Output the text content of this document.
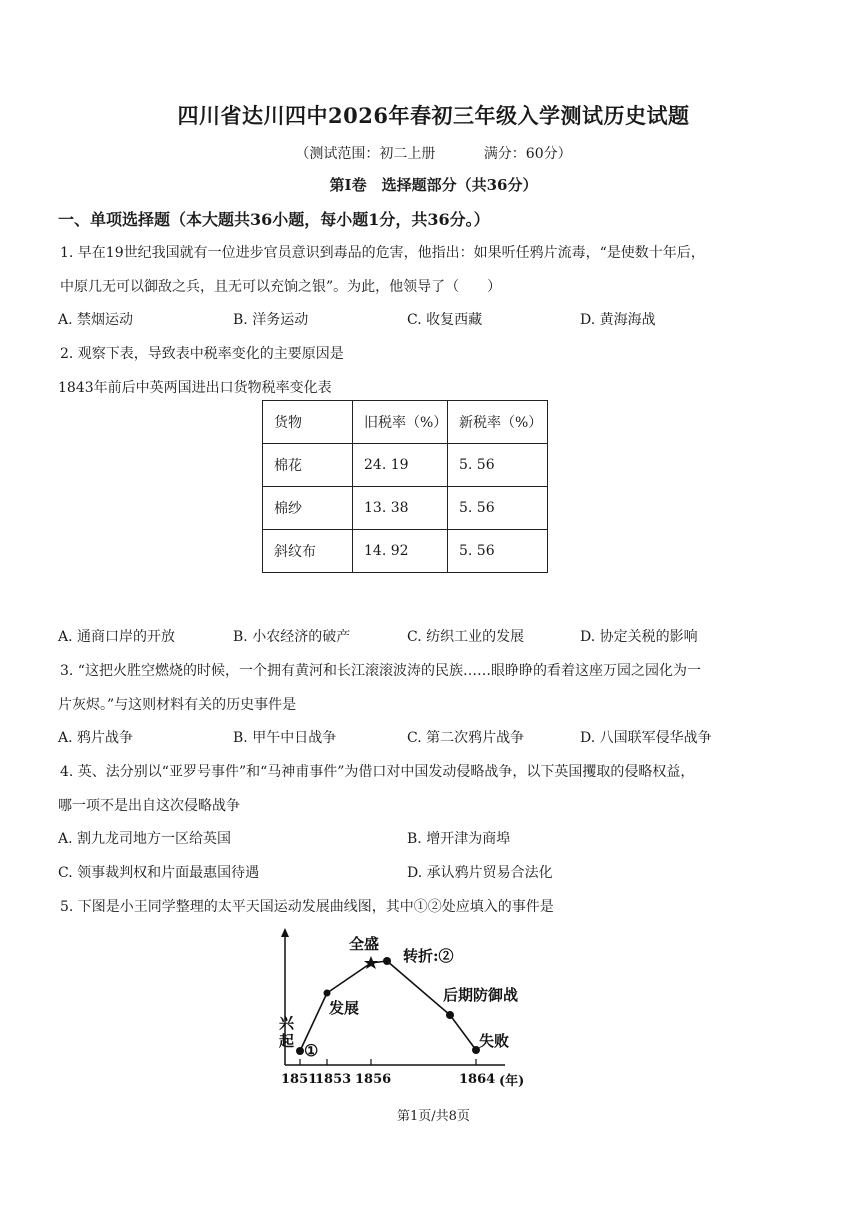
四川省达川四中2026年春初三年级入学测试历史试题
（测试范围：初二上册	满分：60分）
第Ⅰ卷　选择题部分（共36分）
一、单项选择题（本大题共36小题，每小题1分，共36分。）
1. 早在19世纪我国就有一位进步官员意识到毒品的危害，他指出：如果听任鸦片流毒，“是使数十年后，
中原几无可以御敌之兵，且无可以充饷之银”。为此，他领导了（　　）
A. 禁烟运动	B. 洋务运动	C. 收复西藏	D. 黄海海战
2. 观察下表，导致表中税率变化的主要原因是
1843年前后中英两国进出口货物税率变化表
货物	旧税率（%）	新税率（%）
棉花	24. 19	5. 56
棉纱	13. 38	5. 56
斜纹布	14. 92	5. 56
A. 通商口岸的开放	B. 小农经济的破产	C. 纺织工业的发展	D. 协定关税的影响
3. “这把火胜空燃烧的时候，一个拥有黄河和长江滚滚波涛的民族……眼睁睁的看着这座万园之园化为一
片灰烬。”与这则材料有关的历史事件是
A. 鸦片战争	B. 甲午中日战争	C. 第二次鸦片战争	D. 八国联军侵华战争
4. 英、法分别以“亚罗号事件”和“马神甫事件”为借口对中国发动侵略战争，以下英国攫取的侵略权益，
哪一项不是出自这次侵略战争
A. 割九龙司地方一区给英国	B. 增开津为商埠
C. 领事裁判权和片面最惠国待遇	D. 承认鸦片贸易合法化
5. 下图是小王同学整理的太平天国运动发展曲线图，其中①②处应填入的事件是
兴
起 ①
发展
全盛
转折:②
后期防御战
失败
1851
1853 1856	1864 (年)
第1页/共8页
